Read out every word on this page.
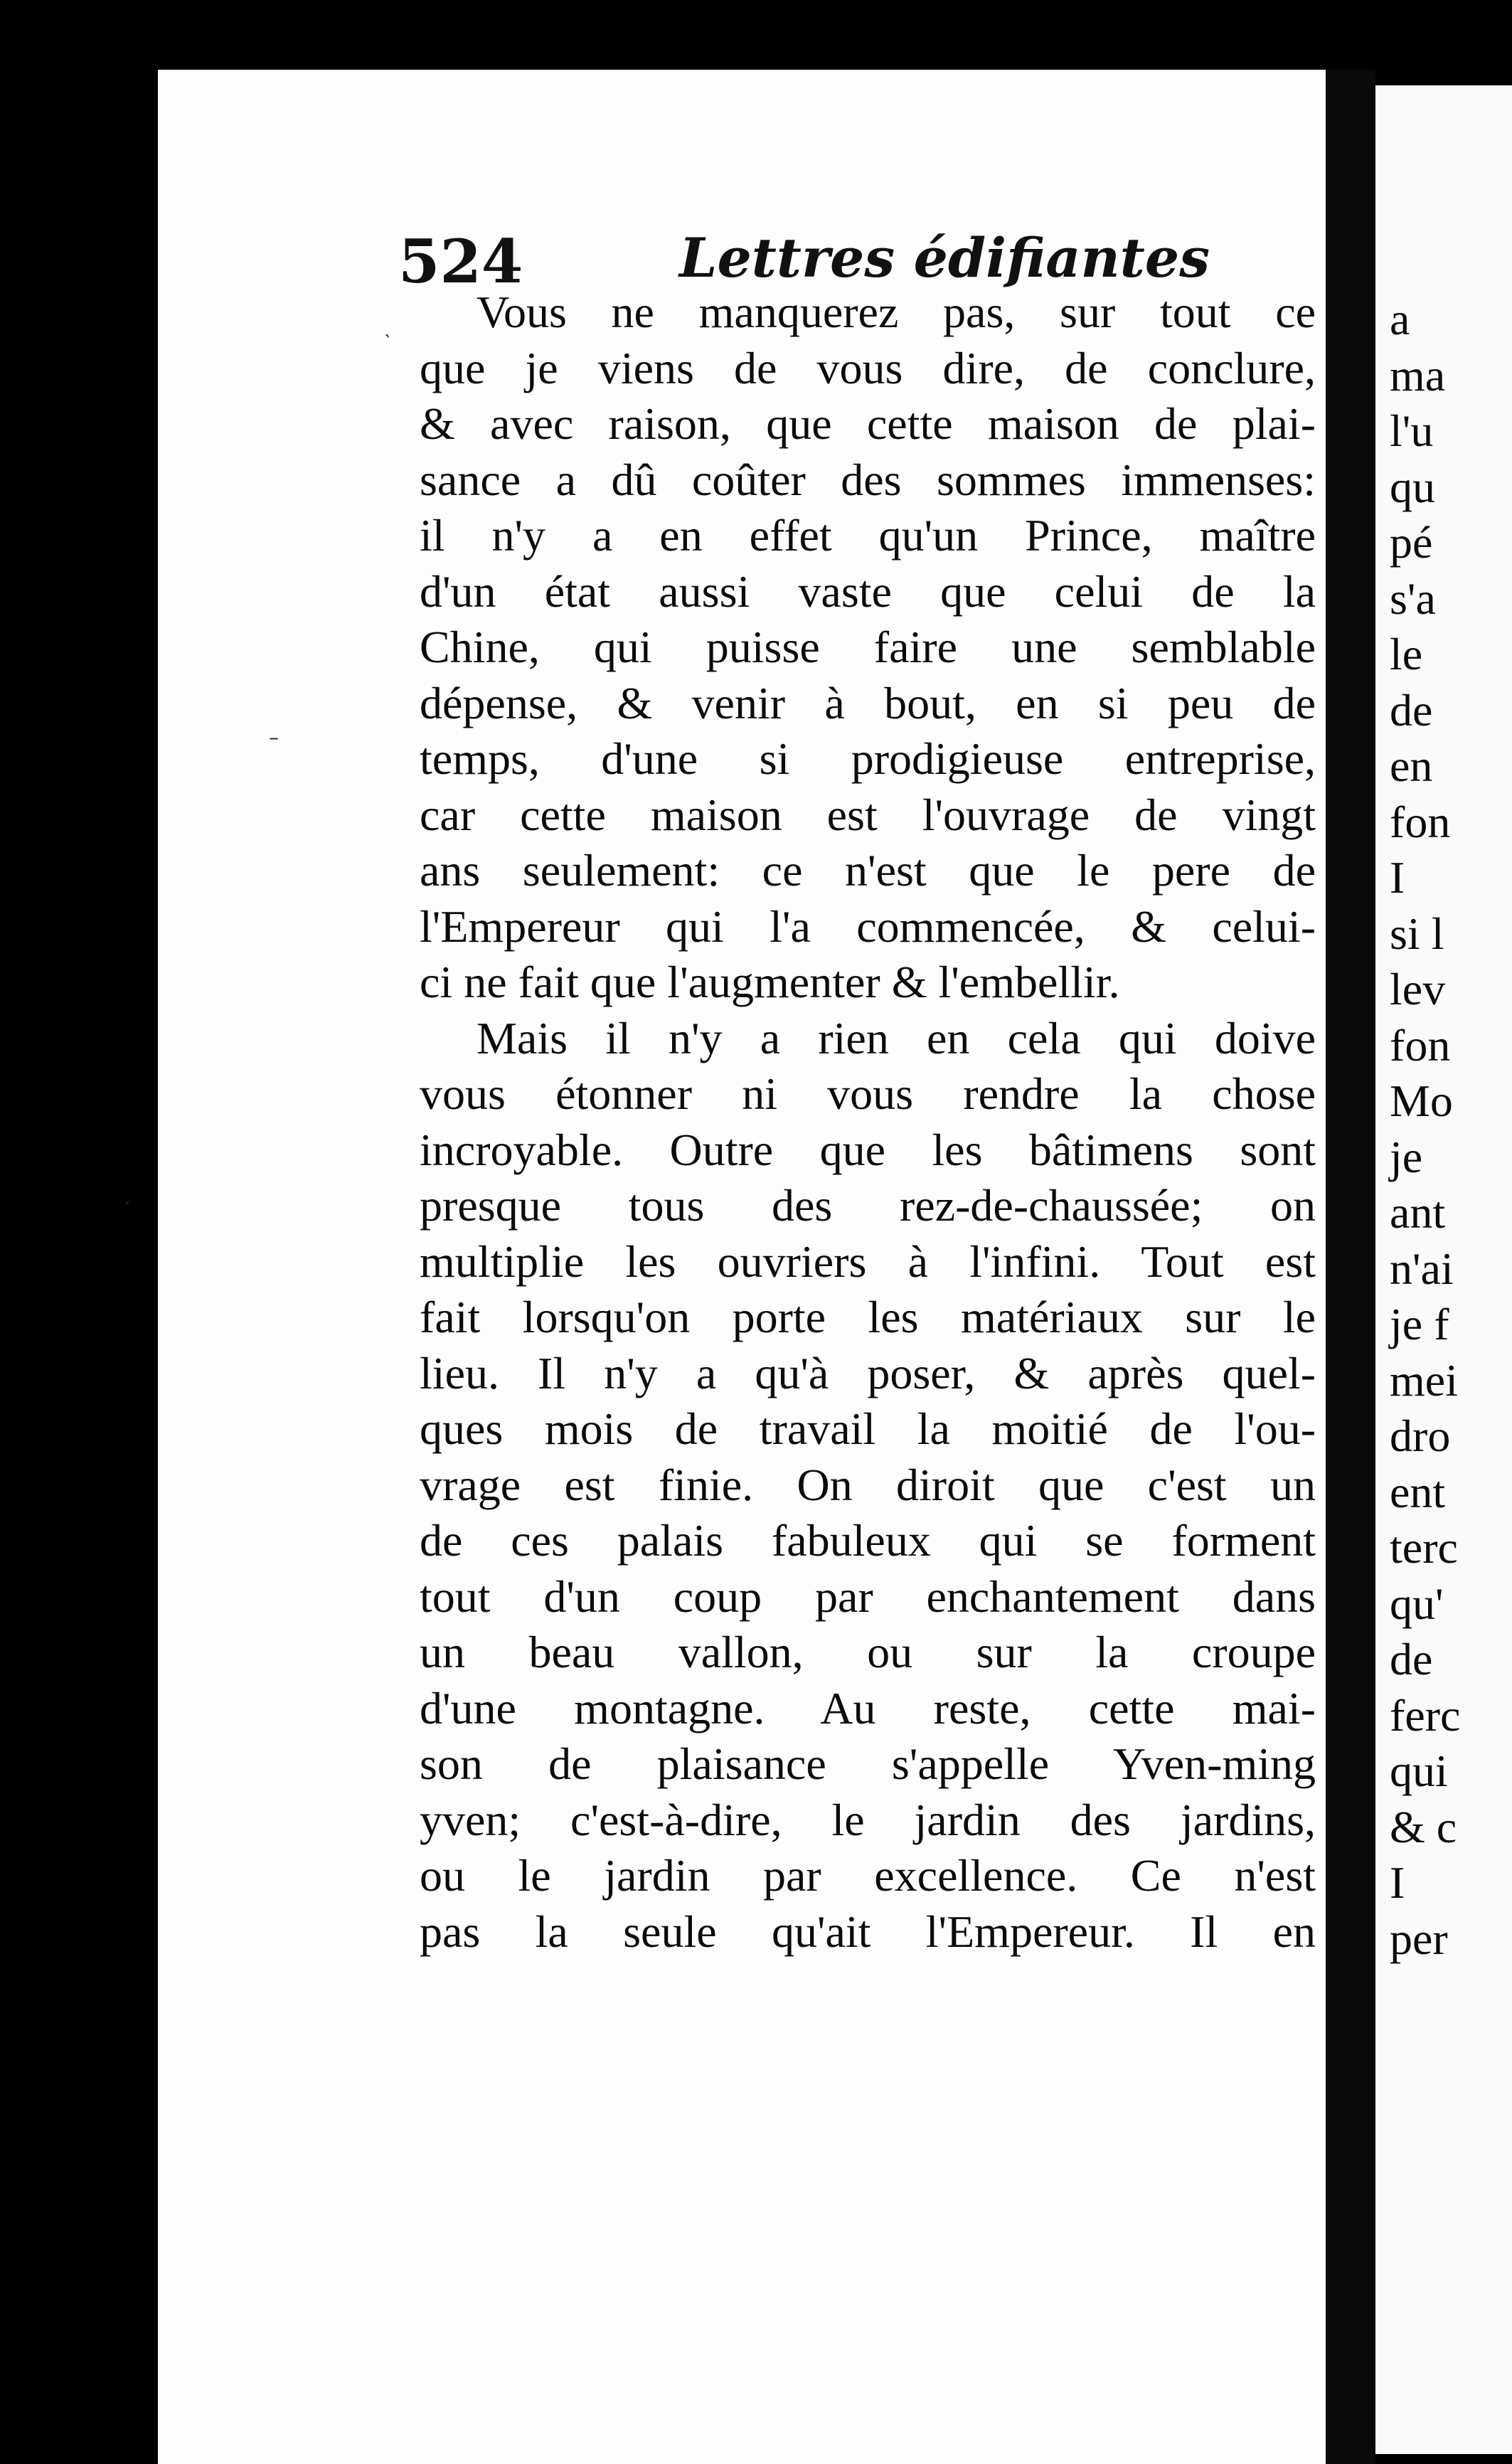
524	Lettres édifiantes
Vous ne manquerez pas, sur tout ce
que je viens de vous dire, de conclure,
& avec raison, que cette maison de plai-
sance a dû coûter des sommes immenses:
il n'y a en effet qu'un Prince, maître
d'un état aussi vaste que celui de la
Chine, qui puisse faire une semblable
dépense, & venir à bout, en si peu de
temps, d'une si prodigieuse entreprise,
car cette maison est l'ouvrage de vingt
ans seulement: ce n'est que le pere de
l'Empereur qui l'a commencée, & celui-
ci ne fait que l'augmenter & l'embellir.
Mais il n'y a rien en cela qui doive
vous étonner ni vous rendre la chose
incroyable. Outre que les bâtimens sont
presque tous des rez-de-chaussée; on
multiplie les ouvriers à l'infini. Tout est
fait lorsqu'on porte les matériaux sur le
lieu. Il n'y a qu'à poser, & après quel-
ques mois de travail la moitié de l'ou-
vrage est finie. On diroit que c'est un
de ces palais fabuleux qui se forment
tout d'un coup par enchantement dans
un beau vallon, ou sur la croupe
d'une montagne. Au reste, cette mai-
son de plaisance s'appelle Yven-ming
yven; c'est-à-dire, le jardin des jardins,
ou le jardin par excellence. Ce n'est
pas la seule qu'ait l'Empereur. Il en
a
ma
l'u
qu
pé
s'a
le
de
en
fon
I
si l
lev
fon
Mo
je
ant
n'ai
je f
mei
dro
ent
terc
qu'
de
ferc
qui
& c
I
per
–
ˏ
˴
